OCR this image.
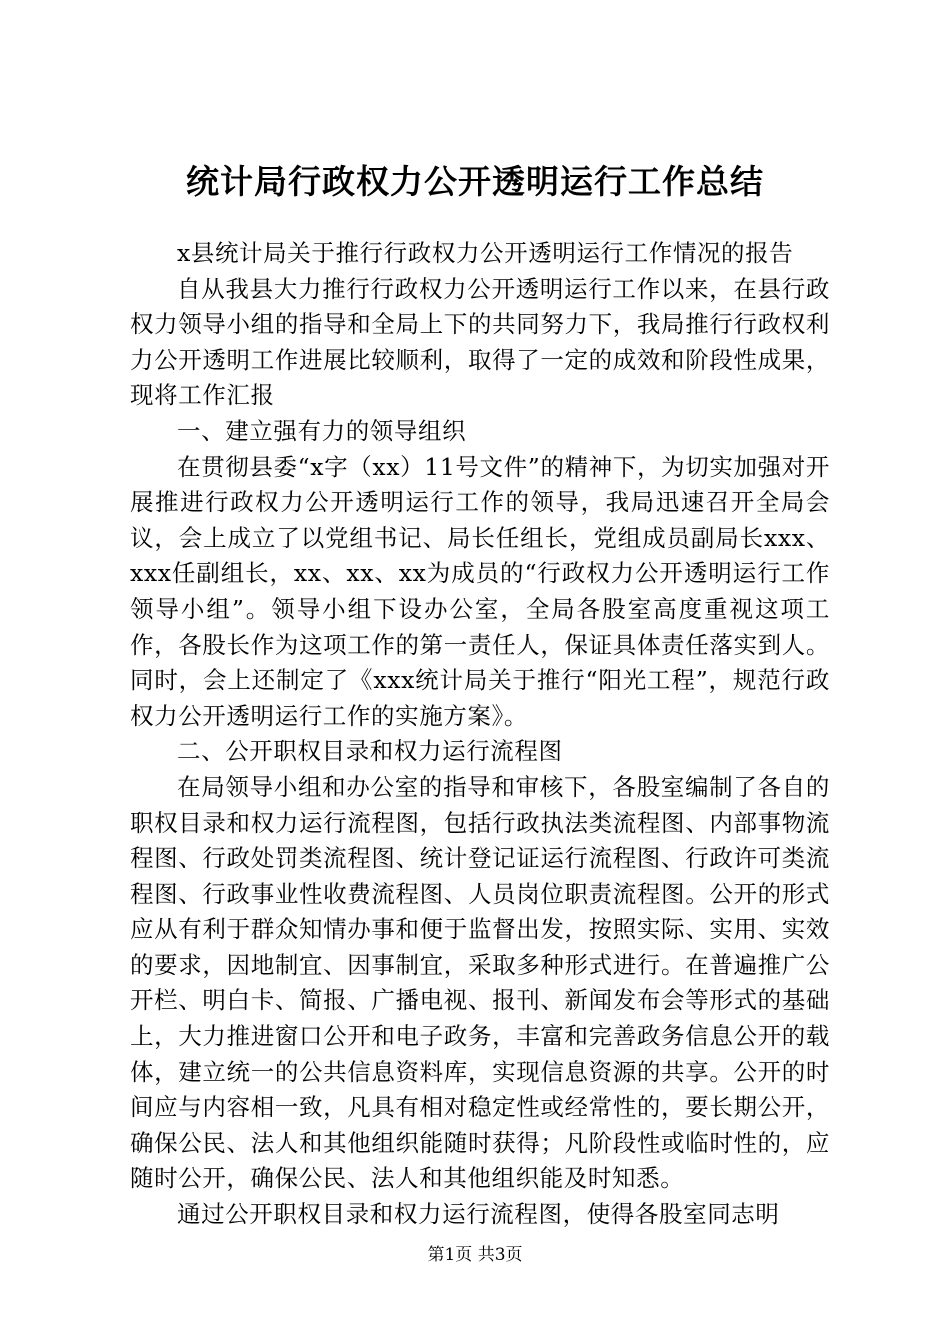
统计局行政权力公开透明运行工作总结

x县统计局关于推行行政权力公开透明运行工作情况的报告

自从我县大力推行行政权力公开透明运行工作以来，在县行政权力领导小组的指导和全局上下的共同努力下，我局推行行政权利力公开透明工作进展比较顺利，取得了一定的成效和阶段性成果，现将工作汇报

一、建立强有力的领导组织

在贯彻县委“x字（xx）11号文件”的精神下，为切实加强对开展推进行政权力公开透明运行工作的领导，我局迅速召开全局会议，会上成立了以党组书记、局长任组长，党组成员副局长xxx、xxx任副组长，xx、xx、xx为成员的“行政权力公开透明运行工作领导小组”。领导小组下设办公室，全局各股室高度重视这项工作，各股长作为这项工作的第一责任人，保证具体责任落实到人。同时，会上还制定了《xxx统计局关于推行“阳光工程”，规范行政权力公开透明运行工作的实施方案》。

二、公开职权目录和权力运行流程图

在局领导小组和办公室的指导和审核下，各股室编制了各自的职权目录和权力运行流程图，包括行政执法类流程图、内部事物流程图、行政处罚类流程图、统计登记证运行流程图、行政许可类流程图、行政事业性收费流程图、人员岗位职责流程图。公开的形式应从有利于群众知情办事和便于监督出发，按照实际、实用、实效的要求，因地制宜、因事制宜，采取多种形式进行。在普遍推广公开栏、明白卡、简报、广播电视、报刊、新闻发布会等形式的基础上，大力推进窗口公开和电子政务，丰富和完善政务信息公开的载体，建立统一的公共信息资料库，实现信息资源的共享。公开的时间应与内容相一致，凡具有相对稳定性或经常性的，要长期公开，确保公民、法人和其他组织能随时获得；凡阶段性或临时性的，应随时公开，确保公民、法人和其他组织能及时知悉。

通过公开职权目录和权力运行流程图，使得各股室同志明

第1页 共3页
